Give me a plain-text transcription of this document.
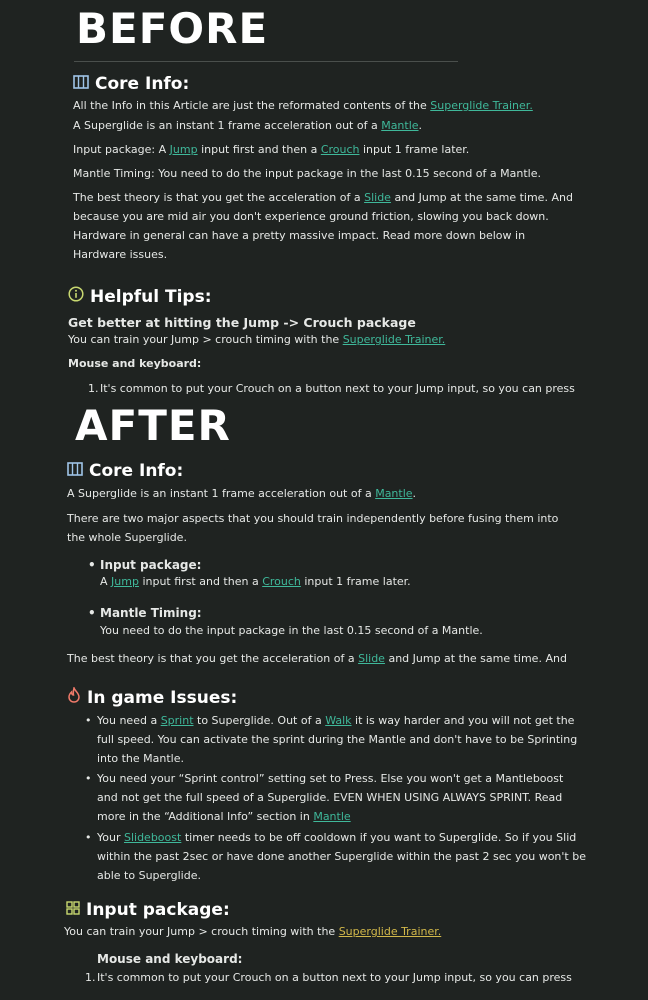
BEFORE
Core Info:

All the Info in this Article are just the reformated contents of the Superglide Trainer.

A Superglide is an instant 1 frame acceleration out of a Mantle.

Input package: A Jump input first and then a Crouch input 1 frame later.

Mantle Timing: You need to do the input package in the last 0.15 second of a Mantle.

The best theory is that you get the acceleration of a Slide and Jump at the same time. And because you are mid air you don't experience ground friction, slowing you back down. Hardware in general can have a pretty massive impact. Read more down below in Hardware issues.

Helpful Tips:

Get better at hitting the Jump -> Crouch package

You can train your Jump > crouch timing with the Superglide Trainer.

Mouse and keyboard:

1. It's common to put your Crouch on a button next to your Jump input, so you can press
AFTER
Core Info:

A Superglide is an instant 1 frame acceleration out of a Mantle.

There are two major aspects that you should train independently before fusing them into the whole Superglide.

• Input package:

A Jump input first and then a Crouch input 1 frame later.

• Mantle Timing:

You need to do the input package in the last 0.15 second of a Mantle.

The best theory is that you get the acceleration of a Slide and Jump at the same time. And

In game Issues:
• You need a Sprint to Superglide. Out of a Walk it is way harder and you will not get the full speed. You can activate the sprint during the Mantle and don't have to be Sprinting into the Mantle.
• You need your “Sprint control” setting set to Press. Else you won't get a Mantleboost and not get the full speed of a Superglide. EVEN WHEN USING ALWAYS SPRINT. Read more in the “Additional Info” section in Mantle
• Your Slideboost timer needs to be off cooldown if you want to Superglide. So if you Slid within the past 2sec or have done another Superglide within the past 2 sec you won't be able to Superglide.
Input package:

You can train your Jump > crouch timing with the Superglide Trainer.

Mouse and keyboard:

1. It's common to put your Crouch on a button next to your Jump input, so you can press
